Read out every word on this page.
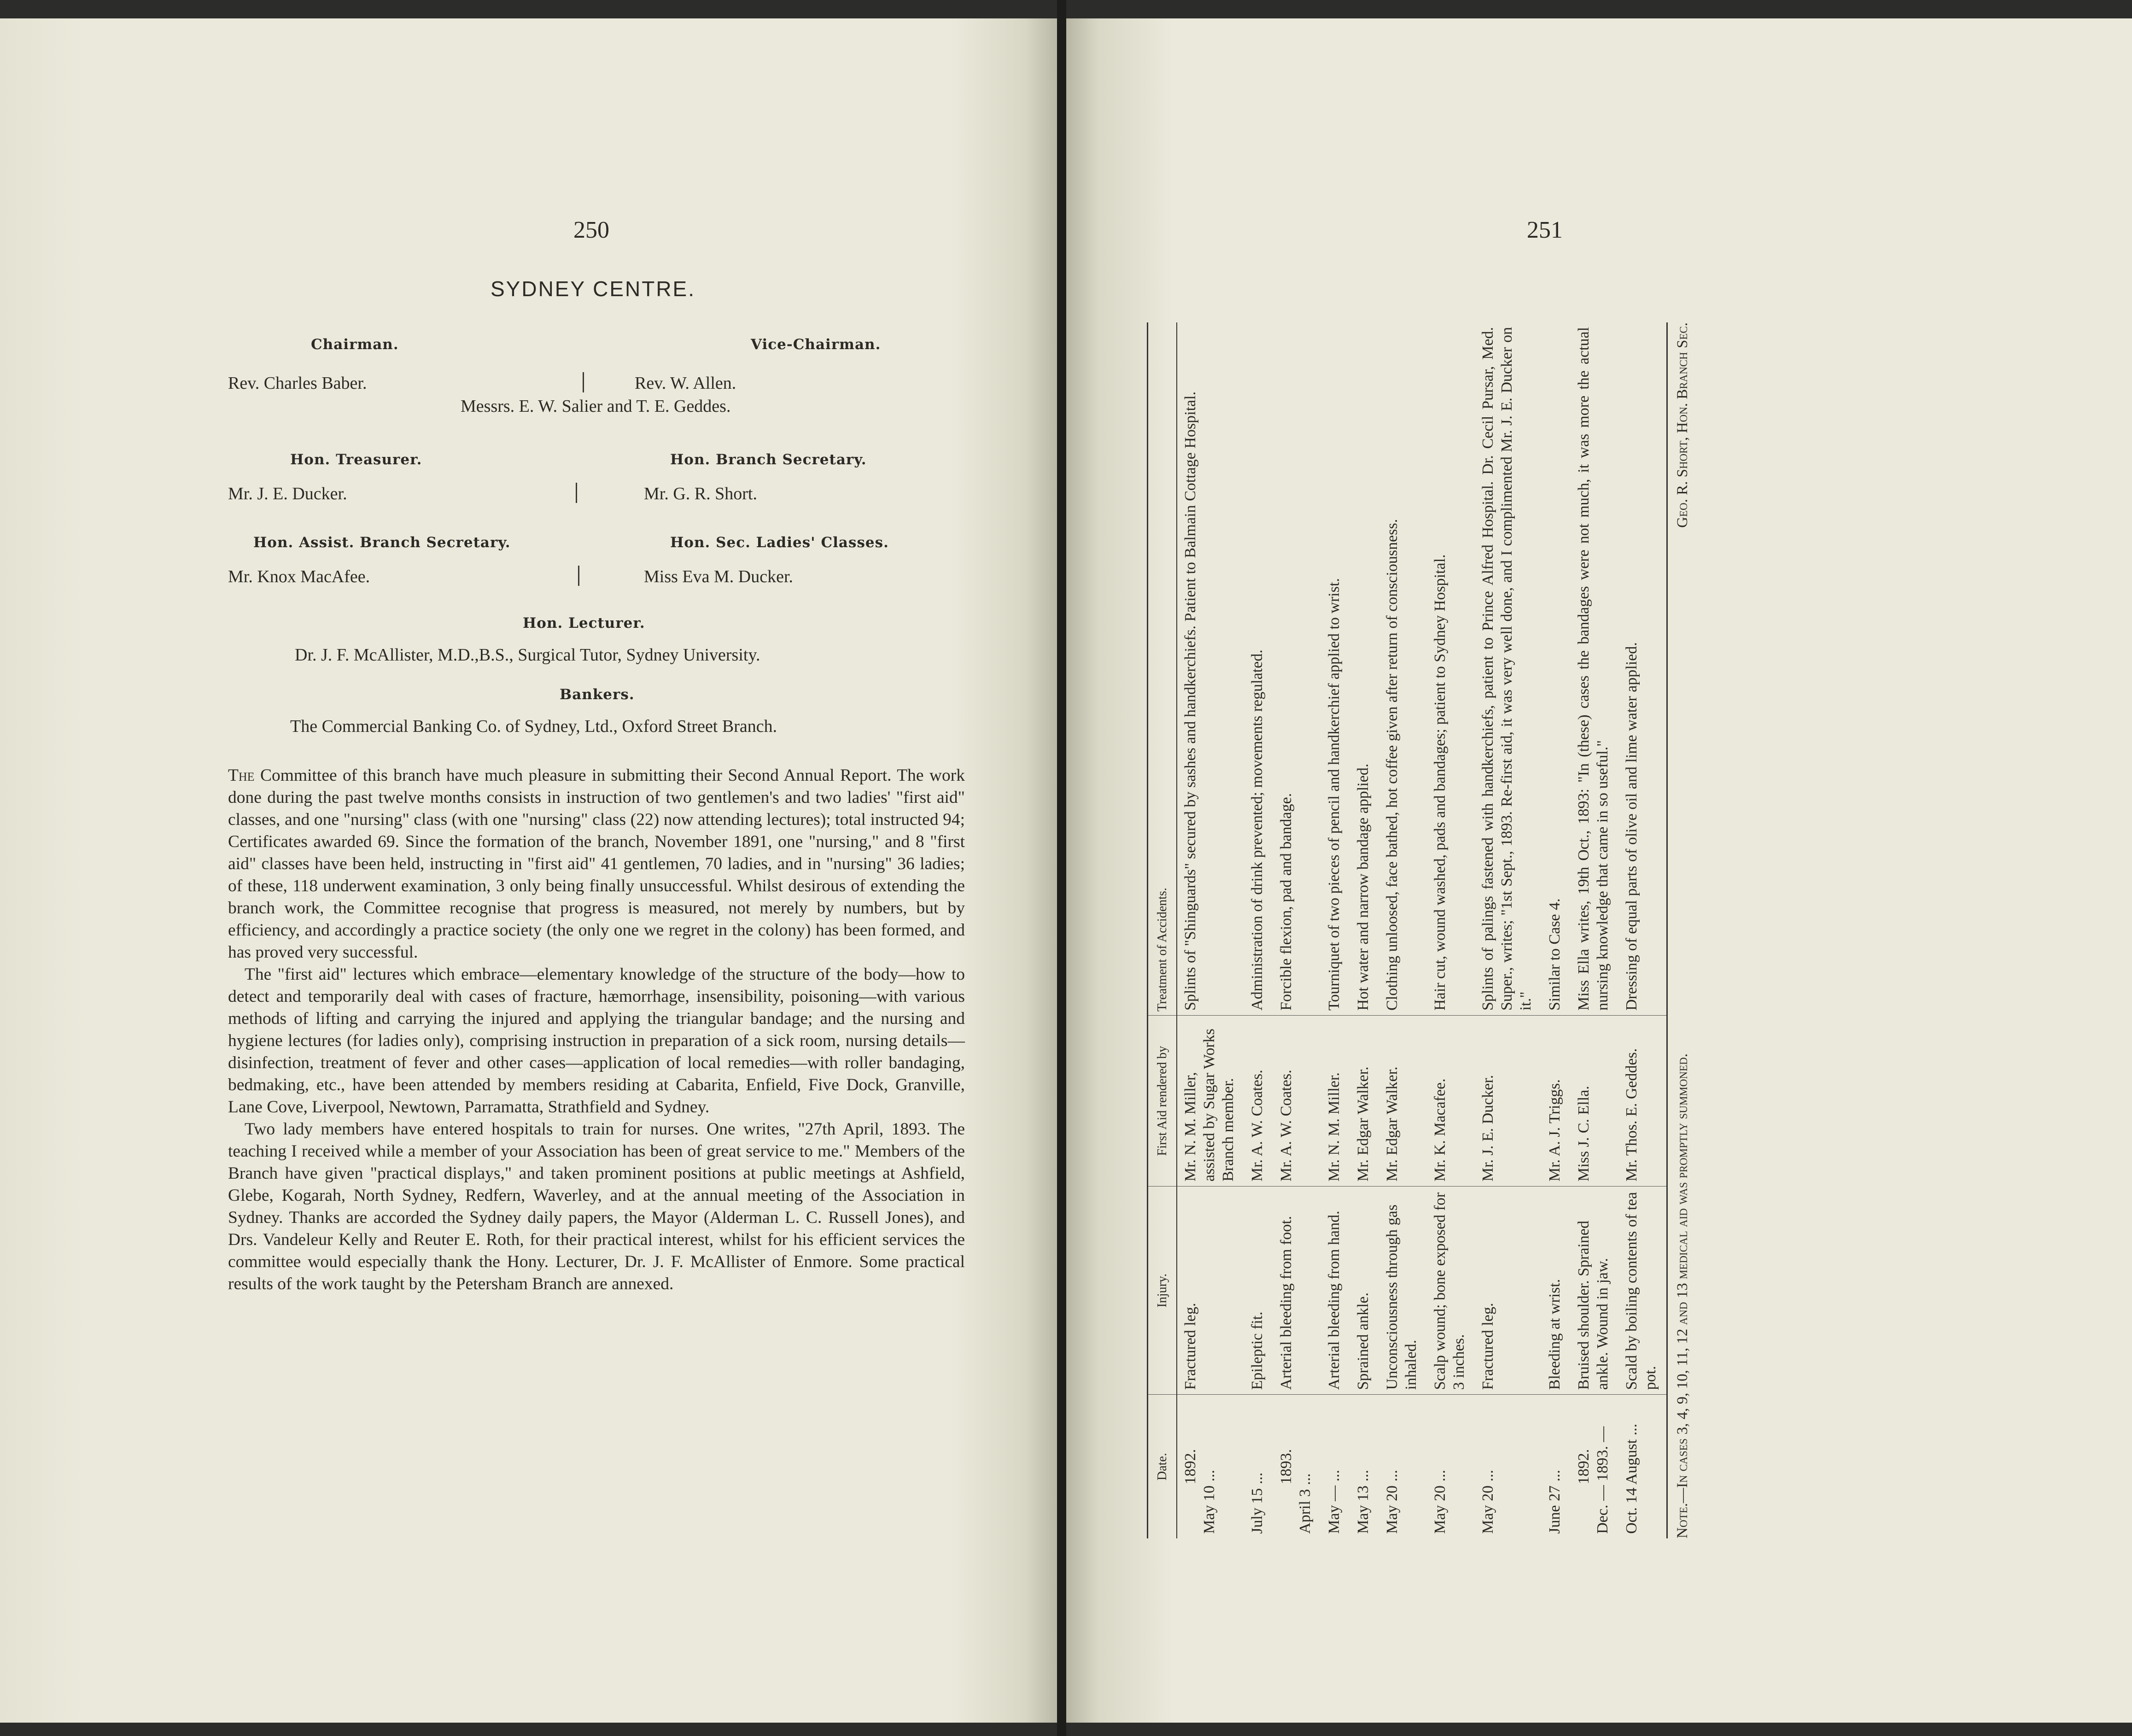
250
SYDNEY CENTRE.
Chairman.	Vice-Chairman.
Rev. Charles Baber.	Rev. W. Allen.
Messrs. E. W. Salier and T. E. Geddes.
Hon. Treasurer.	Hon. Branch Secretary.
Mr. J. E. Ducker.	Mr. G. R. Short.
Hon. Assist. Branch Secretary.	Hon. Sec. Ladies' Classes.
Mr. Knox MacAfee.	Miss Eva M. Ducker.
Hon. Lecturer.
Dr. J. F. McAllister, M.D.,B.S., Surgical Tutor, Sydney University.
Bankers.
The Commercial Banking Co. of Sydney, Ltd., Oxford Street Branch.

The Committee of this branch have much pleasure in submitting their Second Annual Report. The work done during the past twelve months consists in instruction of two gentlemen's and two ladies' "first aid" classes, and one "nursing" class (with one "nursing" class (22) now attending lectures); total instructed 94; Certificates awarded 69. Since the formation of the branch, November 1891, one "nursing," and 8 "first aid" classes have been held, instructing in "first aid" 41 gentlemen, 70 ladies, and in "nursing" 36 ladies; of these, 118 underwent examination, 3 only being finally unsuccessful. Whilst desirous of extending the branch work, the Committee recognise that progress is measured, not merely by numbers, but by efficiency, and accordingly a practice society (the only one we regret in the colony) has been formed, and has proved very successful.

The "first aid" lectures which embrace—elementary knowledge of the structure of the body—how to detect and temporarily deal with cases of fracture, hæmorrhage, insensibility, poisoning—with various methods of lifting and carrying the injured and applying the triangular bandage; and the nursing and hygiene lectures (for ladies only), comprising instruction in preparation of a sick room, nursing details—disinfection, treatment of fever and other cases—application of local remedies—with roller bandaging, bedmaking, etc., have been attended by members residing at Cabarita, Enfield, Five Dock, Granville, Lane Cove, Liverpool, Newtown, Parramatta, Strathfield and Sydney.

Two lady members have entered hospitals to train for nurses. One writes, "27th April, 1893. The teaching I received while a member of your Association has been of great service to me." Members of the Branch have given "practical displays," and taken prominent positions at public meetings at Ashfield, Glebe, Kogarah, North Sydney, Redfern, Waverley, and at the annual meeting of the Association in Sydney. Thanks are accorded the Sydney daily papers, the Mayor (Alderman L. C. Russell Jones), and Drs. Vandeleur Kelly and Reuter E. Roth, for their practical interest, whilst for his efficient services the committee would especially thank the Hony. Lecturer, Dr. J. F. McAllister of Enmore. Some practical results of the work taught by the Petersham Branch are annexed.

251
Date.	Injury.	First Aid rendered by	Treatment of Accidents.

1892.
May 10 ...	Fractured leg.	Mr. N. M. Miller, assisted by Sugar Works Branch member.	Splints of "Shinguards" secured by sashes and handkerchiefs. Patient to Balmain Cottage Hospital.

July 15 ...	Epileptic fit.	Mr. A. W. Coates.	Administration of drink prevented; movements regulated.

1893.
April 3 ...	Arterial bleeding from foot.	Mr. A. W. Coates.	Forcible flexion, pad and bandage.

May — ...	Arterial bleeding from hand.	Mr. N. M. Miller.	Tourniquet of two pieces of pencil and handkerchief applied to wrist.

May 13 ...	Sprained ankle.	Mr. Edgar Walker.	Hot water and narrow bandage applied.

May 20 ...	Unconsciousness through gas inhaled.	Mr. Edgar Walker.	Clothing unloosed, face bathed, hot coffee given after return of consciousness.

May 20 ...	Scalp wound; bone exposed for 3 inches.	Mr. K. Macafee.	Hair cut, wound washed, pads and bandages; patient to Sydney Hospital.

May 20 ...	Fractured leg.	Mr. J. E. Ducker.	Splints of palings fastened with handkerchiefs, patient to Prince Alfred Hospital. Dr. Cecil Pursar, Med. Super., writes; "1st Sept., 1893. Re-first aid, it was very well done, and I complimented Mr. J. E. Ducker on it."

June 27 ...	Bleeding at wrist.	Mr. A. J. Triggs.	Similar to Case 4.

1892. Dec. — 1893. —	Bruised shoulder. Sprained ankle. Wound in jaw.	Miss J. C. Ella.	Miss Ella writes, 19th Oct., 1893: "In (these) cases the bandages were not much, it was more the actual nursing knowledge that came in so useful."

Oct. 14 August ...	Scald by boiling contents of tea pot.	Mr. Thos. E. Geddes.	Dressing of equal parts of olive oil and lime water applied.
Note.—In cases 3, 4, 9, 10, 11, 12 and 13 medical aid was promptly summoned.
Geo. R. Short, Hon. Branch Sec.
